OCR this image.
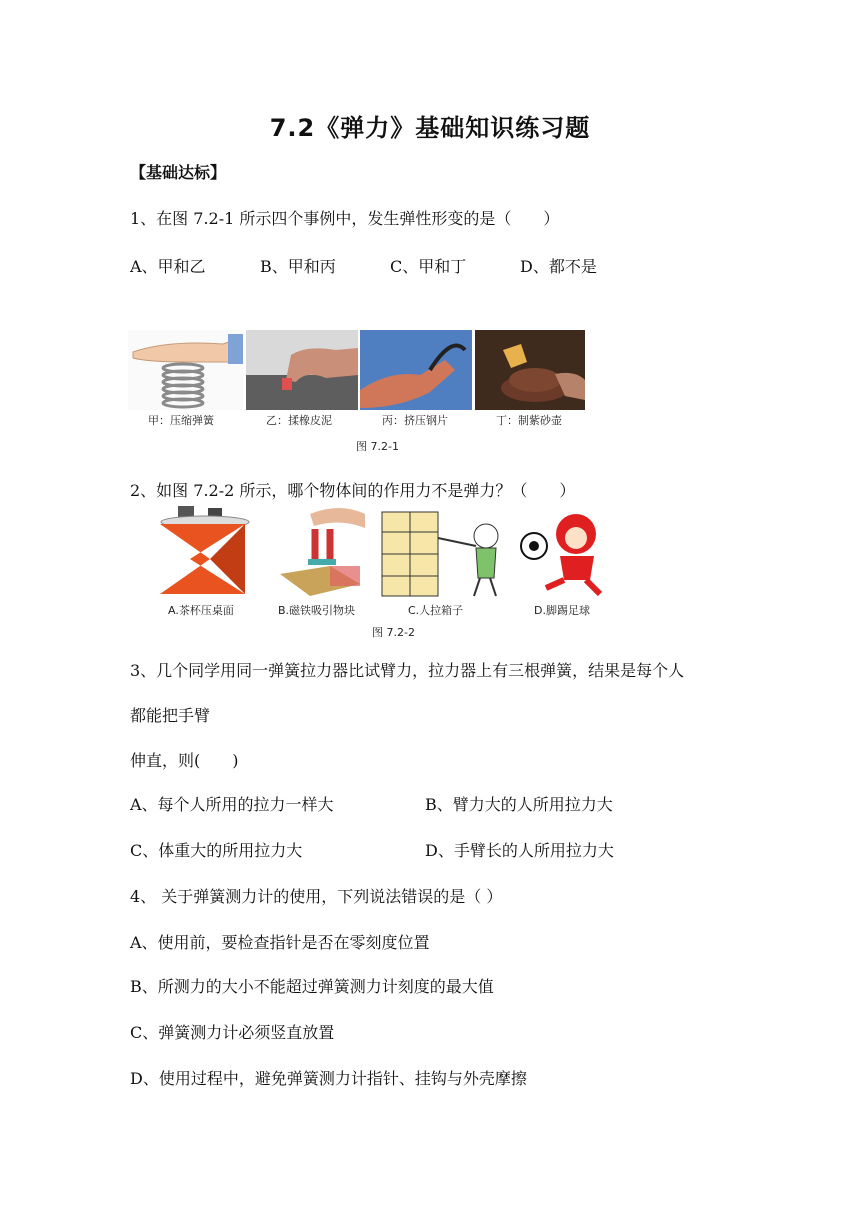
7.2《弹力》基础知识练习题
【基础达标】
1、在图 7.2-1 所示四个事例中，发生弹性形变的是（　　）
A、甲和乙	B、甲和丙	C、甲和丁	D、都不是
甲：压缩弹簧	乙：揉橡皮泥	丙：挤压钢片	丁：制紫砂壶
图 7.2-1
2、如图 7.2-2 所示，哪个物体间的作用力不是弹力？（　　）
A.茶杯压桌面	B.磁铁吸引物块	C.人拉箱子	D.脚踢足球
图 7.2-2
3、几个同学用同一弹簧拉力器比试臂力，拉力器上有三根弹簧，结果是每个人
都能把手臂
伸直，则(　　)
A、每个人所用的拉力一样大	B、臂力大的人所用拉力大
C、体重大的所用拉力大	D、手臂长的人所用拉力大
4、 关于弹簧测力计的使用，下列说法错误的是（ ）
A、使用前，要检查指针是否在零刻度位置
B、所测力的大小不能超过弹簧测力计刻度的最大值
C、弹簧测力计必须竖直放置
D、使用过程中，避免弹簧测力计指针、挂钩与外壳摩擦
